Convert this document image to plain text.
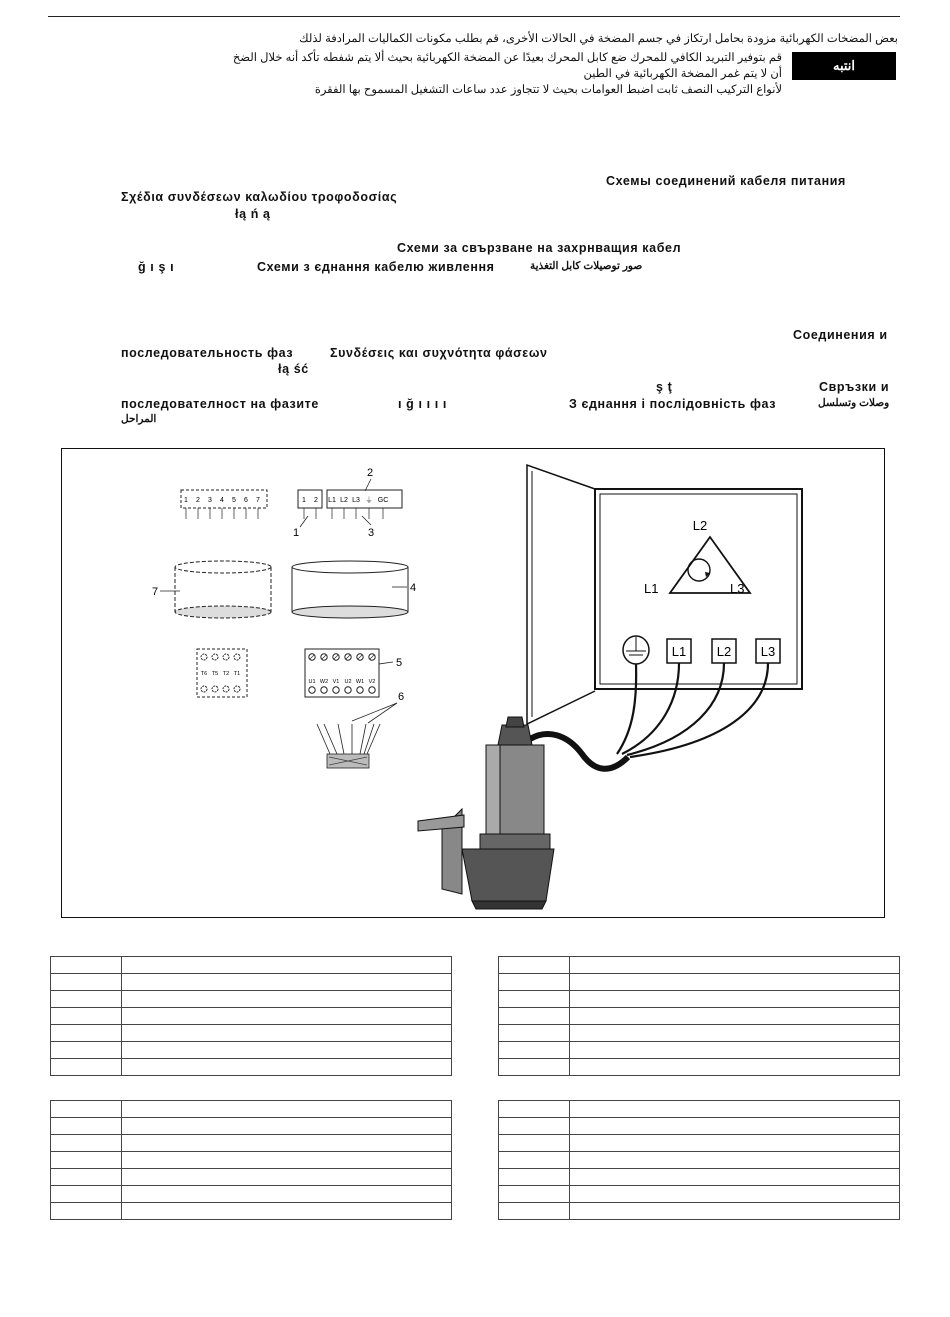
بعض المضخات الكهربائية مزودة بحامل ارتكاز في جسم المضخة في الحالات الأخرى، قم بطلب مكونات الكماليات المرادفة لذلك
انتبه
قم بتوفير التبريد الكافي للمحرك ضع كابل المحرك بعيدًا عن المضخة الكهربائية بحيث ألا يتم شفطه تأكد أنه خلال الضخ
أن لا يتم غمر المضخة الكهربائية في الطين
لأنواع التركيب النصف ثابت اضبط العوامات بحيث لا تتجاوز عدد ساعات التشغيل المسموح بها الفقرة
Схемы соединений кабеля питания
Σχέδια συνδέσεων καλωδίου τροφοδοσίας
łą ń ą
Схеми за свързване на захрнващия кабел
ğ ı ş ı	Схеми з єднання кабелю живлення	صور توصيلات كابل التغذية
Соединения и
последовательность фаз	Συνδέσεις και συχνότητα φάσεων
łą ść
ş ţ	Свръзки и
последователност на фазите	ı ğ ı ı ı ı	З єднання і послідовність фаз	وصلات وتسلسل
المراحل
1 2 3 4 5 6 7	1 2 L1 L2 L3 ⏚ GC
2
1	3
7	4
T6 T5 T2 T1
U1 W2 V1 U2 W1 V2
5
6
L2
L1	L3
L1 L2 L3
